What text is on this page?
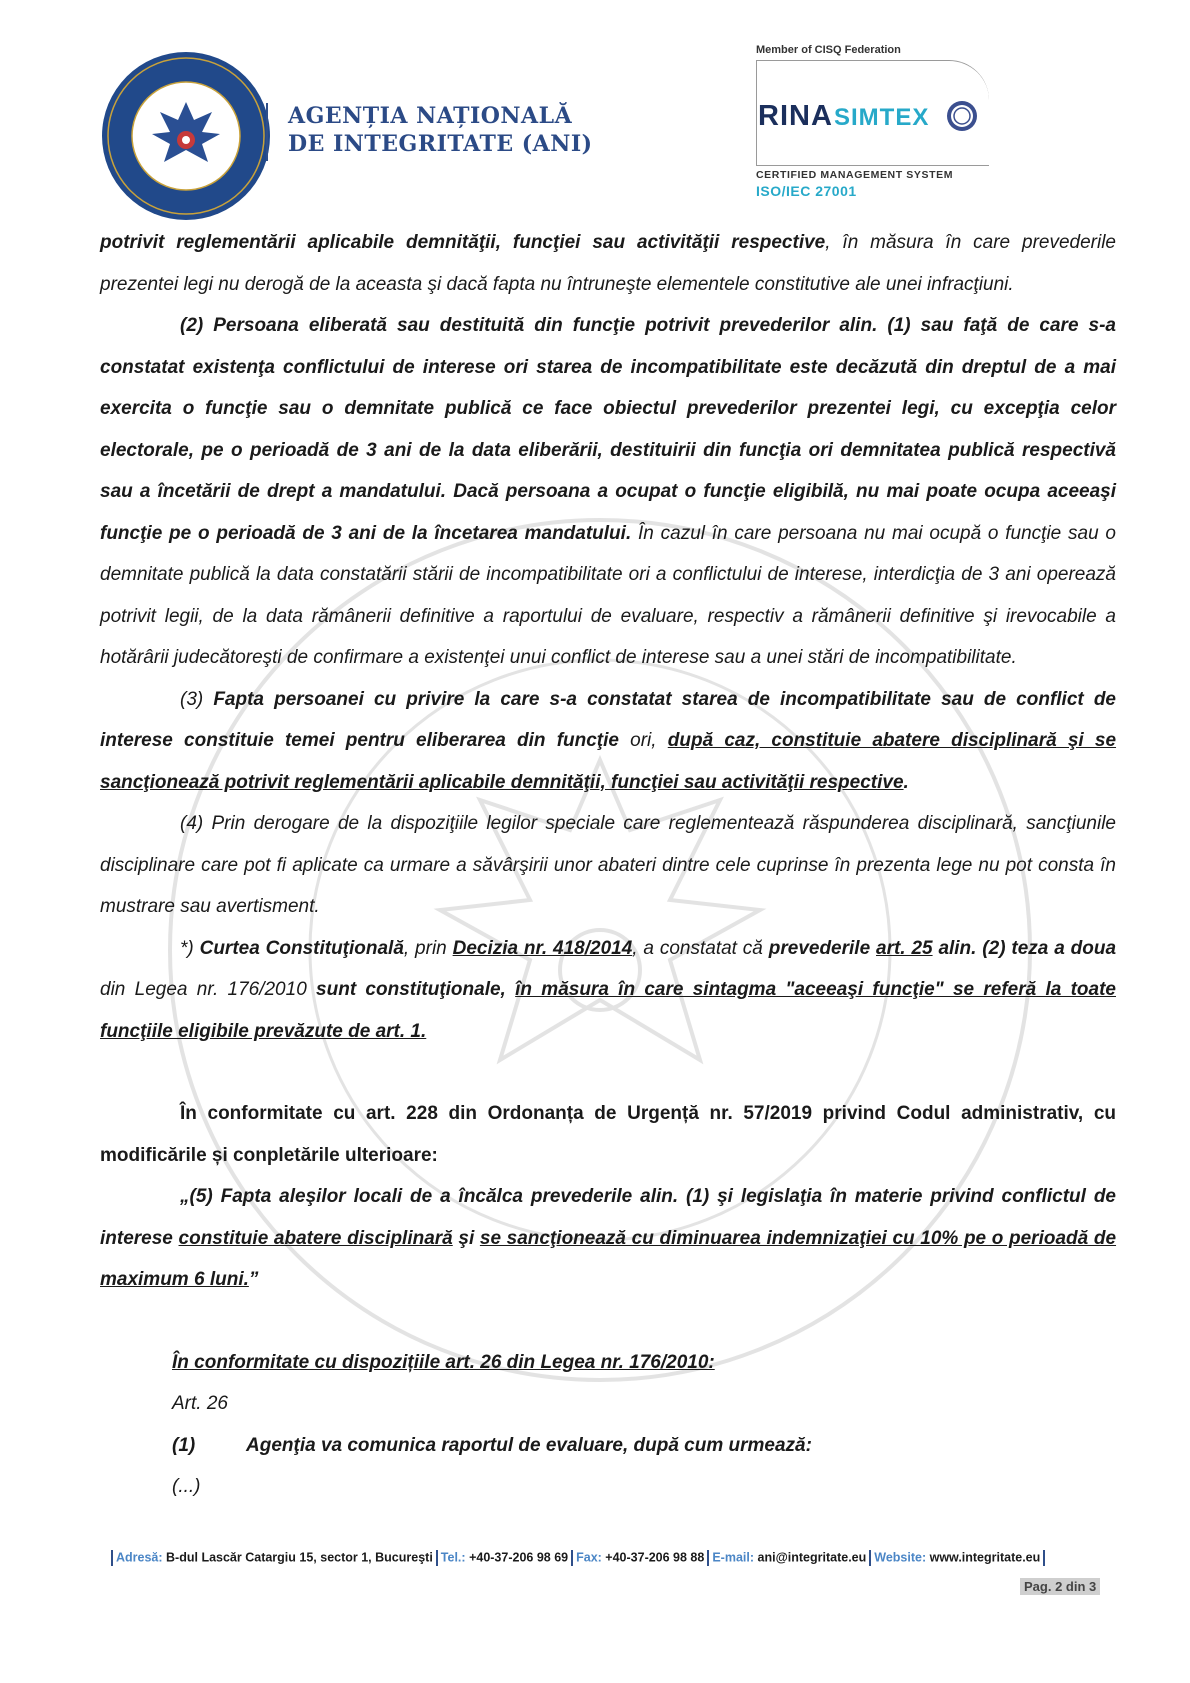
AGENȚIA NAȚIONALĂ
DE INTEGRITATE (ANI)
Member of CISQ Federation
RINA SIMTEX
CERTIFIED MANAGEMENT SYSTEM
ISO/IEC 27001

potrivit reglementării aplicabile demnităţii, funcţiei sau activităţii respective, în măsura în care prevederile prezentei legi nu derogă de la aceasta şi dacă fapta nu întruneşte elementele constitutive ale unei infracţiuni.

(2) Persoana eliberată sau destituită din funcţie potrivit prevederilor alin. (1) sau faţă de care s-a constatat existenţa conflictului de interese ori starea de incompatibilitate este decăzută din dreptul de a mai exercita o funcţie sau o demnitate publică ce face obiectul prevederilor prezentei legi, cu excepţia celor electorale, pe o perioadă de 3 ani de la data eliberării, destituirii din funcţia ori demnitatea publică respectivă sau a încetării de drept a mandatului. Dacă persoana a ocupat o funcţie eligibilă, nu mai poate ocupa aceeaşi funcţie pe o perioadă de 3 ani de la încetarea mandatului. În cazul în care persoana nu mai ocupă o funcţie sau o demnitate publică la data constatării stării de incompatibilitate ori a conflictului de interese, interdicţia de 3 ani operează potrivit legii, de la data rămânerii definitive a raportului de evaluare, respectiv a rămânerii definitive şi irevocabile a hotărârii judecătoreşti de confirmare a existenţei unui conflict de interese sau a unei stări de incompatibilitate.

(3) Fapta persoanei cu privire la care s-a constatat starea de incompatibilitate sau de conflict de interese constituie temei pentru eliberarea din funcţie ori, după caz, constituie abatere disciplinară şi se sancţionează potrivit reglementării aplicabile demnităţii, funcţiei sau activităţii respective.

(4) Prin derogare de la dispoziţiile legilor speciale care reglementează răspunderea disciplinară, sancţiunile disciplinare care pot fi aplicate ca urmare a săvârşirii unor abateri dintre cele cuprinse în prezenta lege nu pot consta în mustrare sau avertisment.

*) Curtea Constituţională, prin Decizia nr. 418/2014, a constatat că prevederile art. 25 alin. (2) teza a doua din Legea nr. 176/2010 sunt constituţionale, în măsura în care sintagma "aceeaşi funcţie" se referă la toate funcţiile eligibile prevăzute de art. 1.

În conformitate cu art. 228 din Ordonanța de Urgență nr. 57/2019 privind Codul administrativ, cu modificările și conpletările ulterioare:

„(5) Fapta aleşilor locali de a încălca prevederile alin. (1) şi legislaţia în materie privind conflictul de interese constituie abatere disciplinară şi se sancţionează cu diminuarea indemnizaţiei cu 10% pe o perioadă de maximum 6 luni.”

În conformitate cu dispozițiile art. 26 din Legea nr. 176/2010:

Art. 26

(1)	Agenţia va comunica raportul de evaluare, după cum urmează:

(...)

Adresă: B-dul Lascăr Catargiu 15, sector 1, Bucureşti Tel.: +40-37-206 98 69 Fax: +40-37-206 98 88 E-mail: ani@integritate.eu Website: www.integritate.eu
Pag. 2 din 3
